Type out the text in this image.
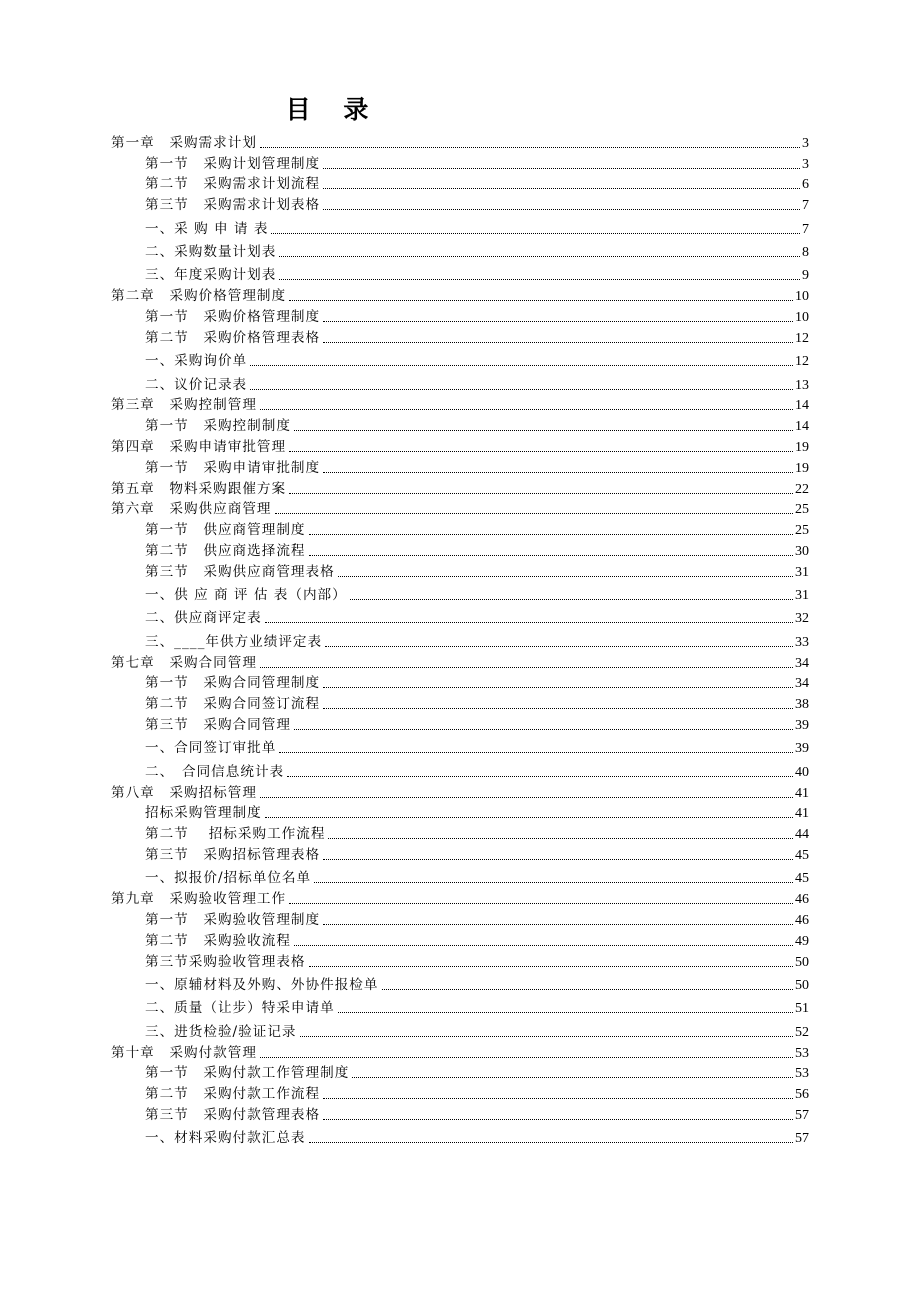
目 录
第一章　采购需求计划	3
第一节　采购计划管理制度	3
第二节　采购需求计划流程	6
第三节　采购需求计划表格	7
一、采 购 申 请 表	7
二、采购数量计划表	8
三、年度采购计划表	9
第二章　采购价格管理制度	10
第一节　采购价格管理制度	10
第二节　采购价格管理表格	12
一、采购询价单	12
二、议价记录表	13
第三章　采购控制管理	14
第一节　采购控制制度	14
第四章　采购申请审批管理	19
第一节　采购申请审批制度	19
第五章　物料采购跟催方案	22
第六章　采购供应商管理	25
第一节　供应商管理制度	25
第二节　供应商选择流程	30
第三节　采购供应商管理表格	31
一、供 应 商 评 估 表（内部）	31
二、供应商评定表	32
三、____年供方业绩评定表	33
第七章　采购合同管理	34
第一节　采购合同管理制度	34
第二节　采购合同签订流程	38
第三节　采购合同管理	39
一、合同签订审批单	39
二、　合同信息统计表	40
第八章　采购招标管理	41
招标采购管理制度	41
第二节　 招标采购工作流程	44
第三节　采购招标管理表格	45
一、拟报价/招标单位名单	45
第九章　采购验收管理工作	46
第一节　采购验收管理制度	46
第二节　采购验收流程	49
第三节采购验收管理表格	50
一、原辅材料及外购、外协件报检单	50
二、质量（让步）特采申请单	51
三、进货检验/验证记录	52
第十章　采购付款管理	53
第一节　采购付款工作管理制度	53
第二节　采购付款工作流程	56
第三节　采购付款管理表格	57
一、材料采购付款汇总表	57
